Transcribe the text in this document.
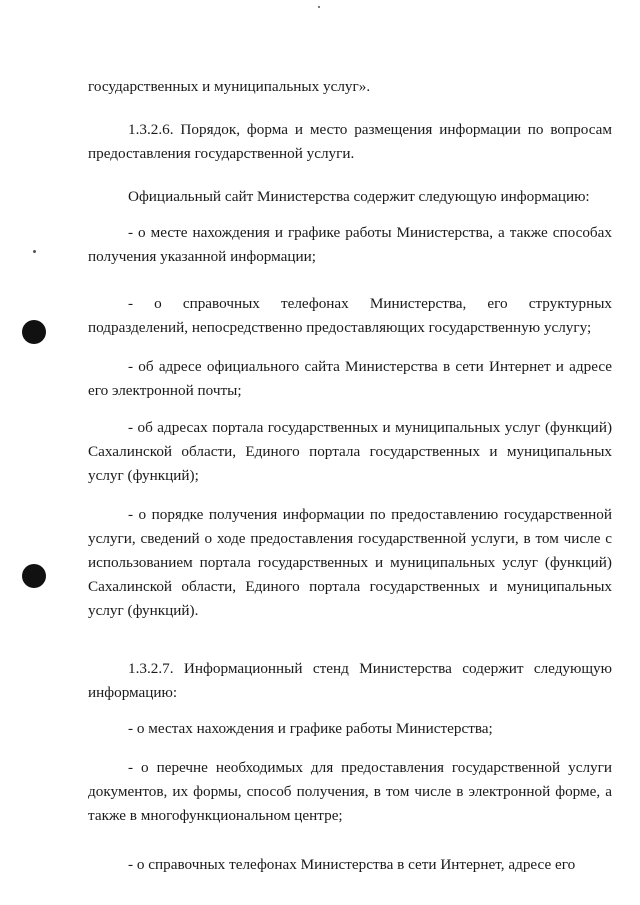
государственных и муниципальных услуг».

1.3.2.6. Порядок, форма и место размещения информации по вопросам предоставления государственной услуги.

Официальный сайт Министерства содержит следующую информацию:

- о месте нахождения и графике работы Министерства, а также способах получения указанной информации;

- о справочных телефонах Министерства, его структурных подразделений, непосредственно предоставляющих государственную услугу;

- об адресе официального сайта Министерства в сети Интернет и адресе его электронной почты;

- об адресах портала государственных и муниципальных услуг (функций) Сахалинской области, Единого портала государственных и муниципальных услуг (функций);

- о порядке получения информации по предоставлению государственной услуги, сведений о ходе предоставления государственной услуги, в том числе с использованием портала государственных и муниципальных услуг (функций) Сахалинской области, Единого портала государственных и муниципальных услуг (функций).

1.3.2.7. Информационный стенд Министерства содержит следующую информацию:

- о местах нахождения и графике работы Министерства;

- о перечне необходимых для предоставления государственной услуги документов, их формы, способ получения, в том числе в электронной форме, а также в многофункциональном центре;

- о справочных телефонах Министерства в сети Интернет, адресе его
